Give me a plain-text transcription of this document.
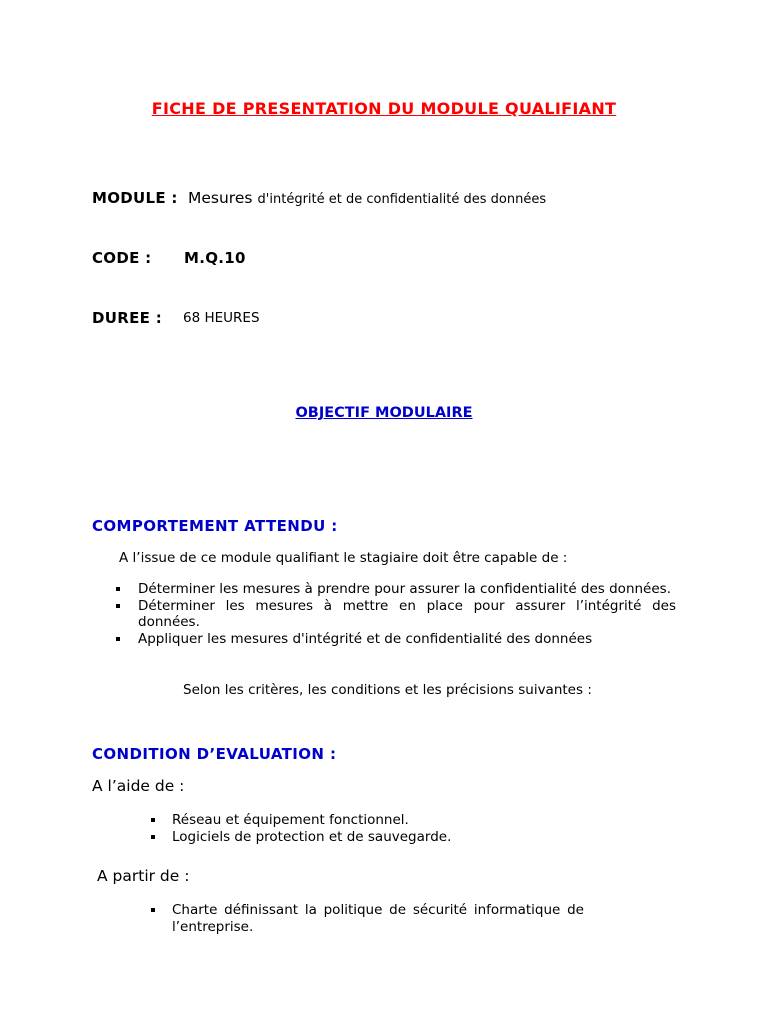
FICHE DE PRESENTATION DU MODULE QUALIFIANT
MODULE : Mesures d'intégrité et de confidentialité des données
CODE : M.Q.10
DUREE : 68 HEURES
OBJECTIF MODULAIRE
COMPORTEMENT ATTENDU :
A l’issue de ce module qualifiant le stagiaire doit être capable de :
Déterminer les mesures à prendre pour assurer la confidentialité des données.
Déterminer les mesures à mettre en place pour assurer l’intégrité des données.
Appliquer les mesures d'intégrité et de confidentialité des données
Selon les critères, les conditions et les précisions suivantes :
CONDITION D’EVALUATION :
A l’aide de :
Réseau et équipement fonctionnel.
Logiciels de protection et de sauvegarde.
A partir de :
Charte définissant la politique de sécurité informatique de l’entreprise.
